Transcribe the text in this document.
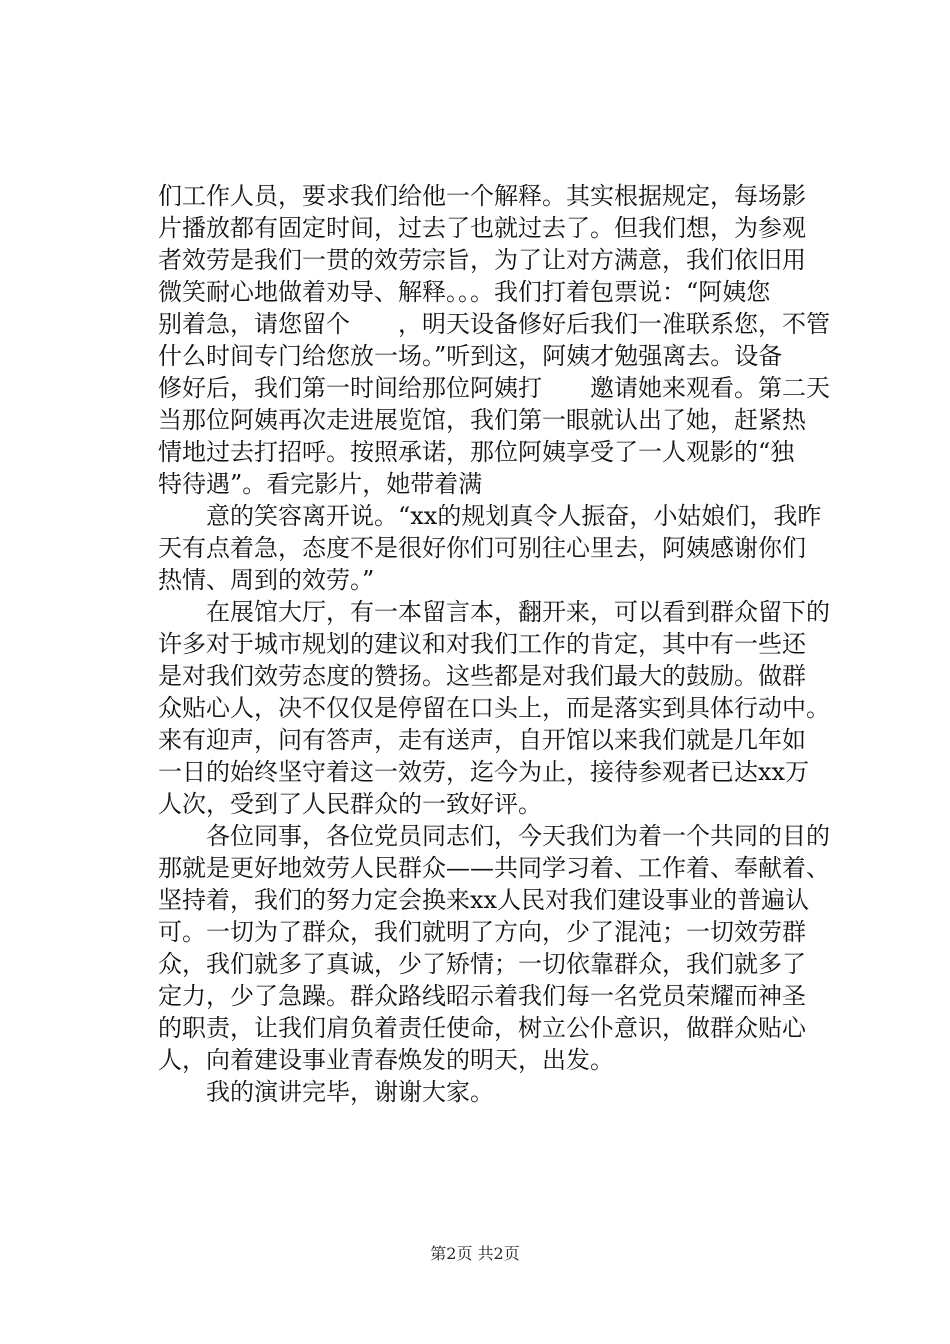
们工作人员，要求我们给他一个解释。其实根据规定，每场影
片播放都有固定时间，过去了也就过去了。但我们想，为参观
者效劳是我们一贯的效劳宗旨，为了让对方满意，我们依旧用
微笑耐心地做着劝导、解释。。。我们打着包票说：“阿姨您
别着急，请您留个　　，明天设备修好后我们一准联系您，不管
什么时间专门给您放一场。”听到这，阿姨才勉强离去。设备
修好后，我们第一时间给那位阿姨打　　邀请她来观看。第二天
当那位阿姨再次走进展览馆，我们第一眼就认出了她，赶紧热
情地过去打招呼。按照承诺，那位阿姨享受了一人观影的“独
特待遇”。看完影片，她带着满
意的笑容离开说。“xx的规划真令人振奋，小姑娘们，我昨
天有点着急，态度不是很好你们可别往心里去，阿姨感谢你们
热情、周到的效劳。”
在展馆大厅，有一本留言本，翻开来，可以看到群众留下的
许多对于城市规划的建议和对我们工作的肯定，其中有一些还
是对我们效劳态度的赞扬。这些都是对我们最大的鼓励。做群
众贴心人，决不仅仅是停留在口头上，而是落实到具体行动中。
来有迎声，问有答声，走有送声，自开馆以来我们就是几年如
一日的始终坚守着这一效劳，迄今为止，接待参观者已达xx万
人次，受到了人民群众的一致好评。
各位同事，各位党员同志们，今天我们为着一个共同的目的
那就是更好地效劳人民群众——共同学习着、工作着、奉献着、
坚持着，我们的努力定会换来xx人民对我们建设事业的普遍认
可。一切为了群众，我们就明了方向，少了混沌；一切效劳群
众，我们就多了真诚，少了矫情；一切依靠群众，我们就多了
定力，少了急躁。群众路线昭示着我们每一名党员荣耀而神圣
的职责，让我们肩负着责任使命，树立公仆意识，做群众贴心
人，向着建设事业青春焕发的明天，出发。
我的演讲完毕，谢谢大家。
第2页 共2页
